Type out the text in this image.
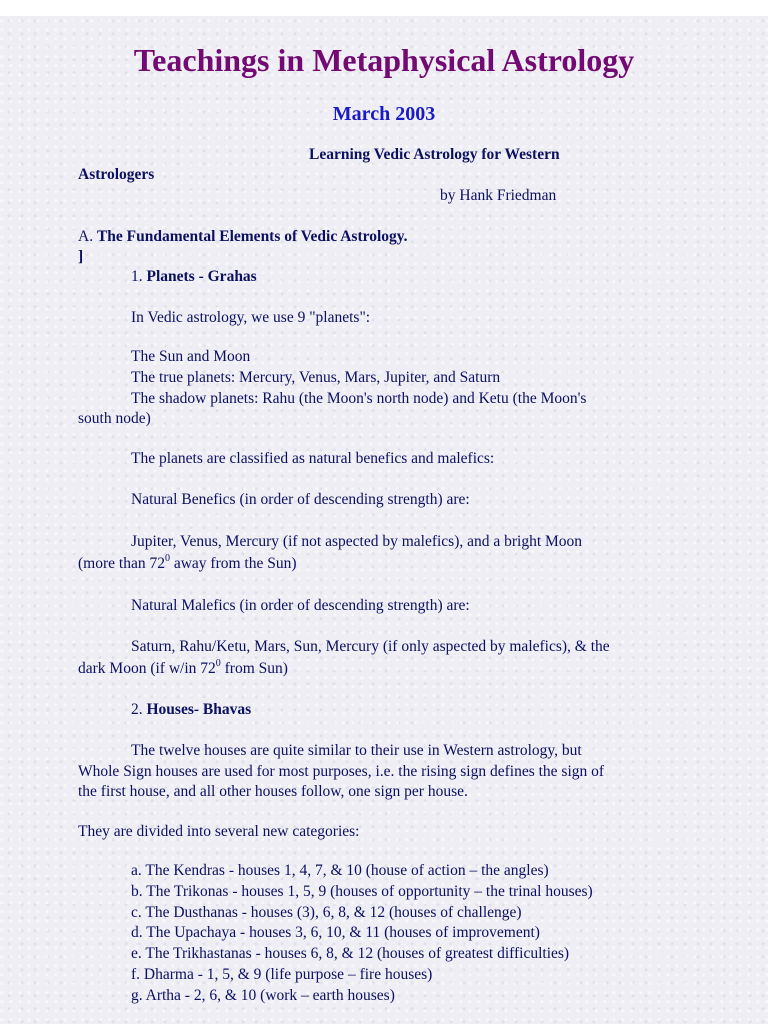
Teachings in Metaphysical Astrology
March 2003
Learning Vedic Astrology for Western
Astrologers
by Hank Friedman
A. The Fundamental Elements of Vedic Astrology.
]
1. Planets - Grahas
In Vedic astrology, we use 9 "planets":
The Sun and Moon
The true planets: Mercury, Venus, Mars, Jupiter, and Saturn
The shadow planets: Rahu (the Moon's north node) and Ketu (the Moon's
south node)
The planets are classified as natural benefics and malefics:
Natural Benefics (in order of descending strength) are:
Jupiter, Venus, Mercury (if not aspected by malefics), and a bright Moon
(more than $72^0$ away from the Sun)
Natural Malefics (in order of descending strength) are:
Saturn, Rahu/Ketu, Mars, Sun, Mercury (if only aspected by malefics), & the
dark Moon (if w/in $72^0$ from Sun)
2. Houses- Bhavas
The twelve houses are quite similar to their use in Western astrology, but
Whole Sign houses are used for most purposes, i.e. the rising sign defines the sign of
the first house, and all other houses follow, one sign per house.
They are divided into several new categories:
a. The Kendras - houses 1, 4, 7, & 10 (house of action – the angles)
b. The Trikonas - houses 1, 5, 9 (houses of opportunity – the trinal houses)
c. The Dusthanas - houses (3), 6, 8, & 12 (houses of challenge)
d. The Upachaya - houses 3, 6, 10, & 11 (houses of improvement)
e. The Trikhastanas - houses 6, 8, & 12 (houses of greatest difficulties)
f. Dharma - 1, 5, & 9 (life purpose – fire houses)
g. Artha - 2, 6, & 10 (work – earth houses)
